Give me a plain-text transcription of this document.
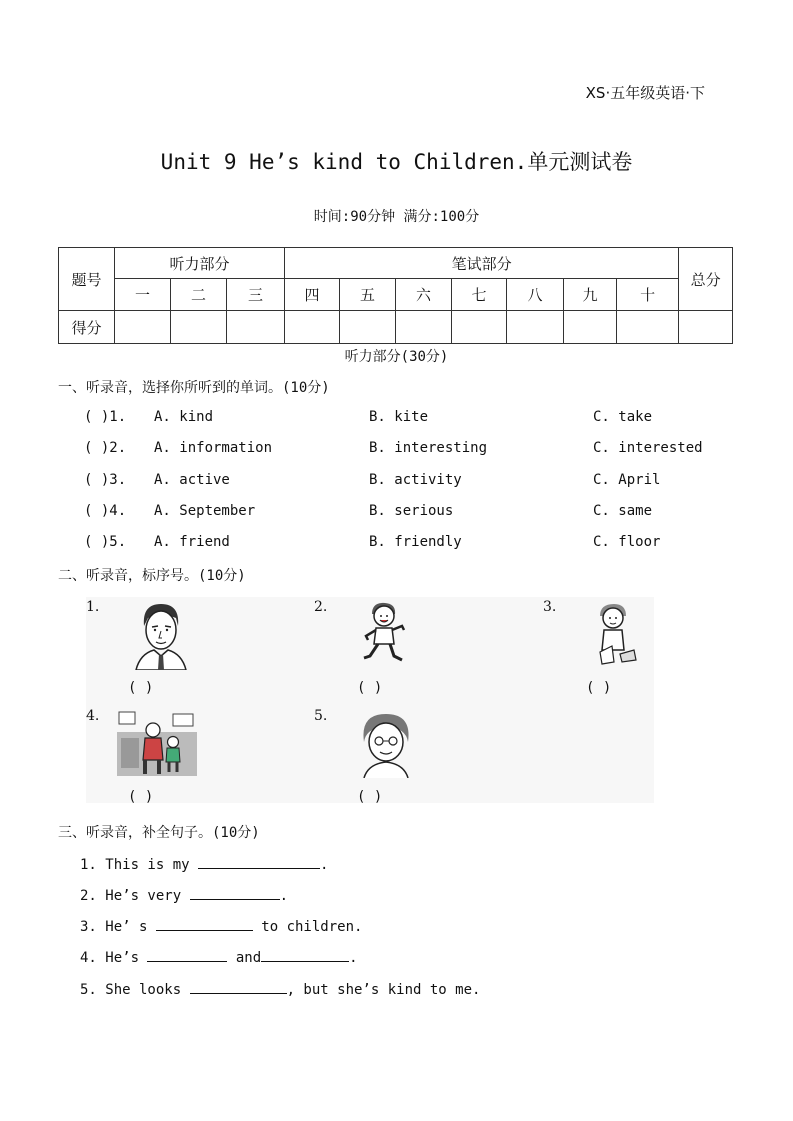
XS·五年级英语·下
Unit 9 He’s kind to Children.单元测试卷
时间:90分钟 满分:100分
题号	听力部分			笔试部分							总分
	一	二	三	四	五	六	七	八	九	十	
得分											
听力部分(30分)
一、听录音，选择你所听到的单词。(10分)
( )1. A. kind	B. kite	C. take
( )2. A. information	B. interesting	C. interested
( )3. A. active	B. activity	C. April
( )4. A. September	B. serious	C. same
( )5. A. friend	B. friendly	C. floor
二、听录音，标序号。(10分)
1.	2.	3.
4.	5.
( )	( )	( )
( )	( )
三、听录音，补全句子。(10分)
1. This is my	.
2. He’s very	.
3. He’ s	to children.
4. He’s	and	.
5. She looks	, but she’s kind to me.
